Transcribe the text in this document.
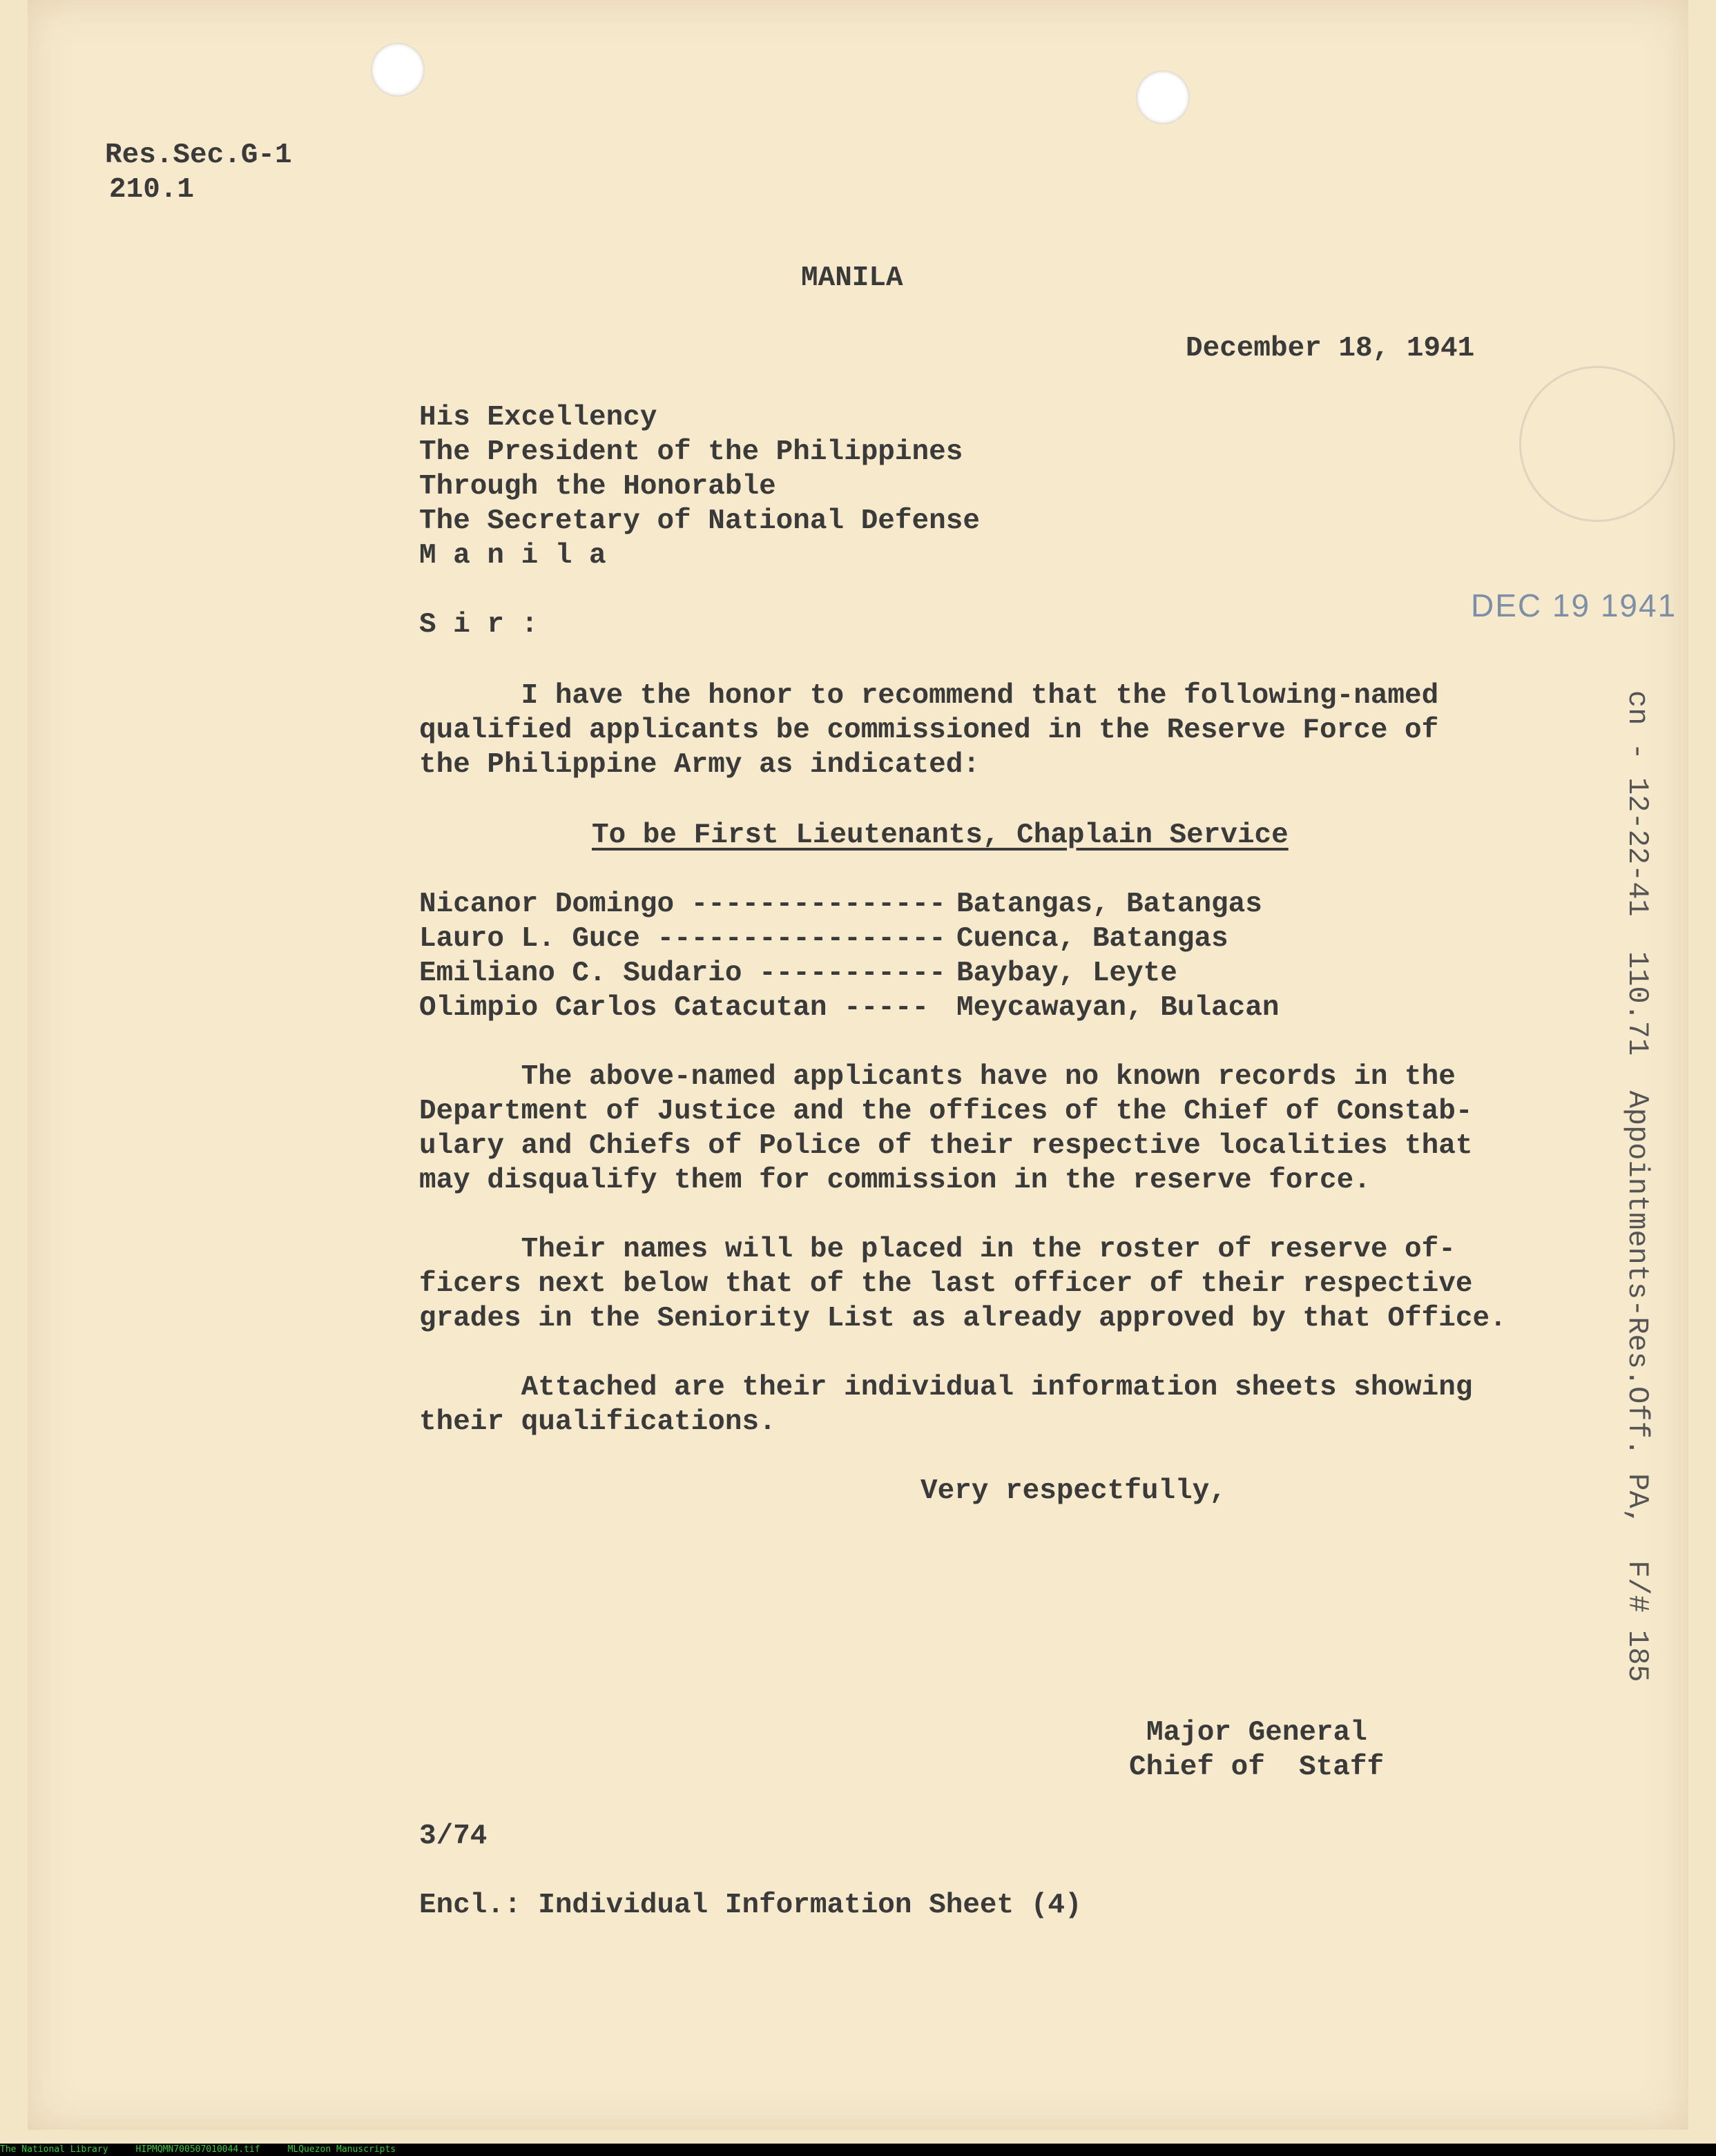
Res.Sec.G-1
210.1
MANILA
December 18, 1941
His Excellency
The President of the Philippines
Through the Honorable
The Secretary of National Defense
M a n i l a
DEC 19 1941
S i r :
I have the honor to recommend that the following-named
qualified applicants be commissioned in the Reserve Force of
the Philippine Army as indicated:
To be First Lieutenants, Chaplain Service
Nicanor Domingo --------------- Batangas, Batangas
Lauro L. Guce ----------------- Cuenca, Batangas
Emiliano C. Sudario ----------- Baybay, Leyte
Olimpio Carlos Catacutan ----- Meycawayan, Bulacan
The above-named applicants have no known records in the
Department of Justice and the offices of the Chief of Constab-
ulary and Chiefs of Police of their respective localities that
may disqualify them for commission in the reserve force.
Their names will be placed in the roster of reserve of-
ficers next below that of the last officer of their respective
grades in the Seniority List as already approved by that Office.
Attached are their individual information sheets showing
their qualifications.
Very respectfully,
Major General
Chief of  Staff
3/74
Encl.: Individual Information Sheet (4)
cn - 12-22-41  110.71  Appointments-Res.Off. PA,  F/# 185
The National Library	HIPMQMN700507010044.tif	MLQuezon Manuscripts
